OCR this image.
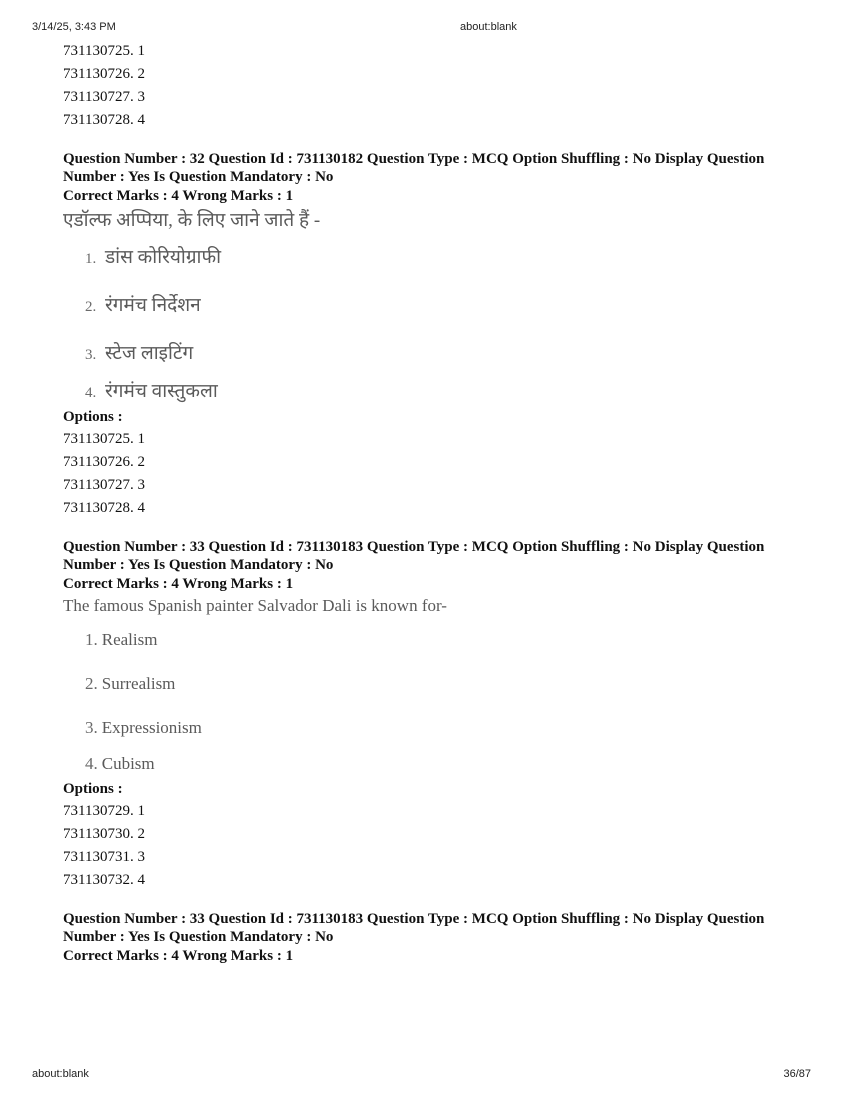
3/14/25, 3:43 PM	about:blank
731130725. 1
731130726. 2
731130727. 3
731130728. 4

Question Number : 32 Question Id : 731130182 Question Type : MCQ Option Shuffling : No Display Question
Number : Yes Is Question Mandatory : No

Correct Marks : 4 Wrong Marks : 1

एडॉल्फ अप्पिया, के लिए जाने जाते हैं -

1. डांस कोरियोग्राफी
2. रंगमंच निर्देशन
3. स्टेज लाइटिंग
4. रंगमंच वास्तुकला

Options :

731130725. 1
731130726. 2
731130727. 3
731130728. 4

Question Number : 33 Question Id : 731130183 Question Type : MCQ Option Shuffling : No Display Question
Number : Yes Is Question Mandatory : No

Correct Marks : 4 Wrong Marks : 1

The famous Spanish painter Salvador Dali is known for-

1. Realism
2. Surrealism
3. Expressionism
4. Cubism

Options :

731130729. 1
731130730. 2
731130731. 3
731130732. 4

Question Number : 33 Question Id : 731130183 Question Type : MCQ Option Shuffling : No Display Question
Number : Yes Is Question Mandatory : No

Correct Marks : 4 Wrong Marks : 1

about:blank	36/87
